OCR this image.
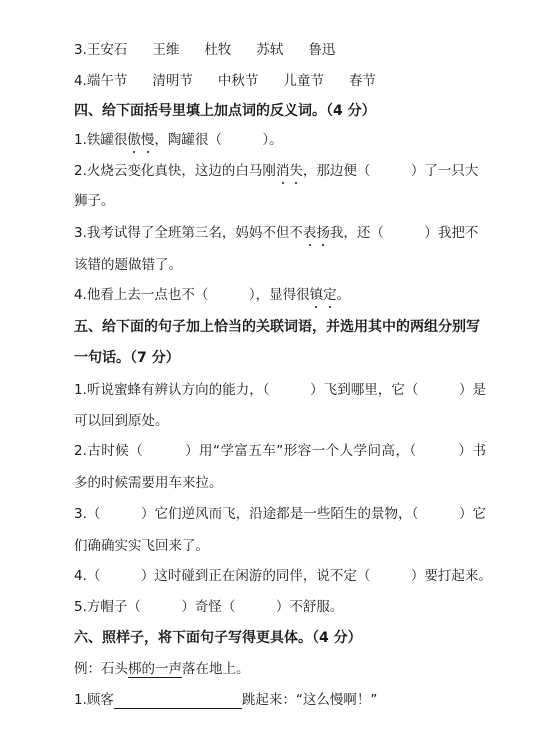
3.王安石 王维 杜牧 苏轼 鲁迅
4.端午节 清明节 中秋节 儿童节 春节
四、给下面括号里填上加点词的反义词。（4 分）
1.铁罐很傲慢，陶罐很（　　　）。
2.火烧云变化真快，这边的白马刚消失，那边便（　　　）了一只大
狮子。
3.我考试得了全班第三名，妈妈不但不表扬我，还（　　　）我把不
该错的题做错了。
4.他看上去一点也不（　　　），显得很镇定。
五、给下面的句子加上恰当的关联词语，并选用其中的两组分别写
一句话。（7 分）
1.听说蜜蜂有辨认方向的能力，（　　　）飞到哪里，它（　　　）是
可以回到原处。
2.古时候（　　　）用“学富五车”形容一个人学问高，（　　　）书
多的时候需要用车来拉。
3.（　　　）它们逆风而飞，沿途都是一些陌生的景物，（　　　）它
们确确实实飞回来了。
4.（　　　）这时碰到正在闲游的同伴，说不定（　　　）要打起来。
5.方帽子（　　　）奇怪（　　　）不舒服。
六、照样子，将下面句子写得更具体。（4 分）
例：石头梆的一声落在地上。
1.顾客	跳起来：“这么慢啊！”
